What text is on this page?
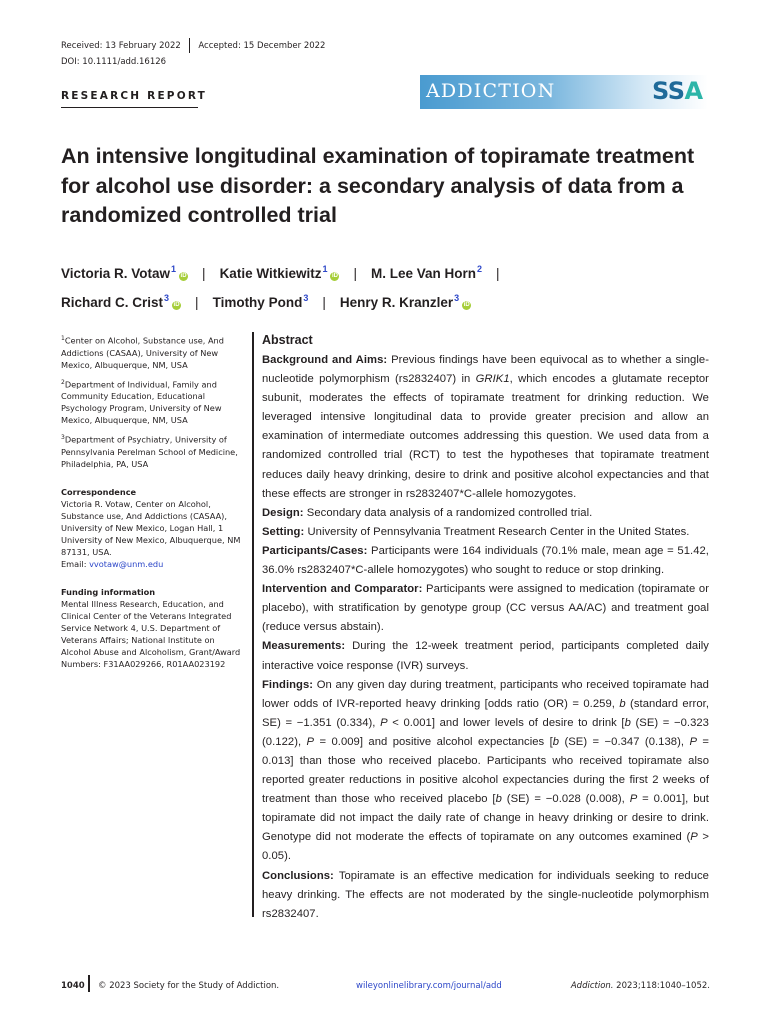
Received: 13 February 2022 Accepted: 15 December 2022
DOI: 10.1111/add.16126
RESEARCH REPORT	ADDICTION	SSA
An intensive longitudinal examination of topiramate treatment for alcohol use disorder: a secondary analysis of data from a randomized controlled trial
Victoria R. Votaw$^1$iD | Katie Witkiewitz$^1$iD | M. Lee Van Horn$^2$ |
Richard C. Crist$^3$iD | Timothy Pond$^3$ | Henry R. Kranzler$^3$iD
$^1$Center on Alcohol, Substance use, And Addictions (CASAA), University of New Mexico, Albuquerque, NM, USA
$^2$Department of Individual, Family and Community Education, Educational Psychology Program, University of New Mexico, Albuquerque, NM, USA
$^3$Department of Psychiatry, University of Pennsylvania Perelman School of Medicine, Philadelphia, PA, USA
Correspondence
Victoria R. Votaw, Center on Alcohol, Substance use, And Addictions (CASAA), University of New Mexico, Logan Hall, 1 University of New Mexico, Albuquerque, NM 87131, USA.
Email: vvotaw@unm.edu
Funding information
Mental Illness Research, Education, and Clinical Center of the Veterans Integrated Service Network 4, U.S. Department of Veterans Affairs; National Institute on Alcohol Abuse and Alcoholism, Grant/Award Numbers: F31AA029266, R01AA023192
Abstract

Background and Aims: Previous findings have been equivocal as to whether a single-nucleotide polymorphism (rs2832407) in GRIK1, which encodes a glutamate receptor subunit, moderates the effects of topiramate treatment for drinking reduction. We leveraged intensive longitudinal data to provide greater precision and allow an examination of intermediate outcomes addressing this question. We used data from a randomized controlled trial (RCT) to test the hypotheses that topiramate treatment reduces daily heavy drinking, desire to drink and positive alcohol expectancies and that these effects are stronger in rs2832407*C-allele homozygotes.

Design: Secondary data analysis of a randomized controlled trial.

Setting: University of Pennsylvania Treatment Research Center in the United States.

Participants/Cases: Participants were 164 individuals (70.1% male, mean age = 51.42, 36.0% rs2832407*C-allele homozygotes) who sought to reduce or stop drinking.

Intervention and Comparator: Participants were assigned to medication (topiramate or placebo), with stratification by genotype group (CC versus AA/AC) and treatment goal (reduce versus abstain).

Measurements: During the 12-week treatment period, participants completed daily interactive voice response (IVR) surveys.

Findings: On any given day during treatment, participants who received topiramate had lower odds of IVR-reported heavy drinking [odds ratio (OR) = 0.259, b (standard error, SE) = −1.351 (0.334), P < 0.001] and lower levels of desire to drink [b (SE) = −0.323 (0.122), P = 0.009] and positive alcohol expectancies [b (SE) = −0.347 (0.138), P = 0.013] than those who received placebo. Participants who received topiramate also reported greater reductions in positive alcohol expectancies during the first 2 weeks of treatment than those who received placebo [b (SE) = −0.028 (0.008), P = 0.001], but topiramate did not impact the daily rate of change in heavy drinking or desire to drink. Genotype did not moderate the effects of topiramate on any outcomes examined (P > 0.05).

Conclusions: Topiramate is an effective medication for individuals seeking to reduce heavy drinking. The effects are not moderated by the single-nucleotide polymorphism rs2832407.

1040 © 2023 Society for the Study of Addiction.	wileyonlinelibrary.com/journal/add	Addiction. 2023;118:1040–1052.
